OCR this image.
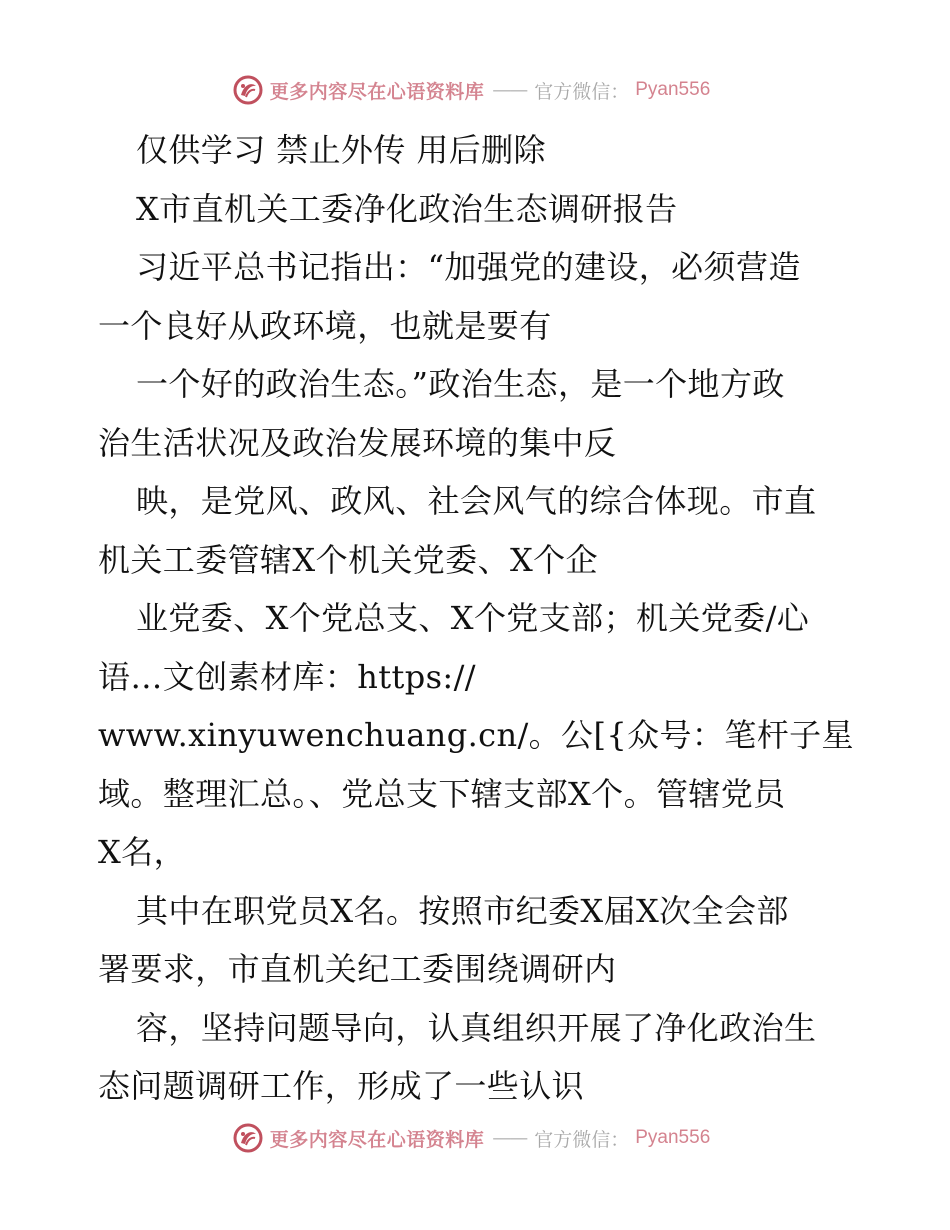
更多内容尽在心语资料库 —— 官方微信： Pyan556
仅供学习 禁止外传 用后删除
X市直机关工委净化政治生态调研报告
习近平总书记指出：“加强党的建设，必须营造
一个良好从政环境，也就是要有
一个好的政治生态。”政治生态，是一个地方政
治生活状况及政治发展环境的集中反
映，是党风、政风、社会风气的综合体现。市直
机关工委管辖X个机关党委、X个企
业党委、X个党总支、X个党支部；机关党委/心
语…文创素材库：https://
www.xinyuwenchuang.cn/。公[{众号：笔杆子星
域。整理汇总。、党总支下辖支部X个。管辖党员
X名，
其中在职党员X名。按照市纪委X届X次全会部
署要求，市直机关纪工委围绕调研内
容，坚持问题导向，认真组织开展了净化政治生
态问题调研工作，形成了一些认识
更多内容尽在心语资料库 —— 官方微信： Pyan556
